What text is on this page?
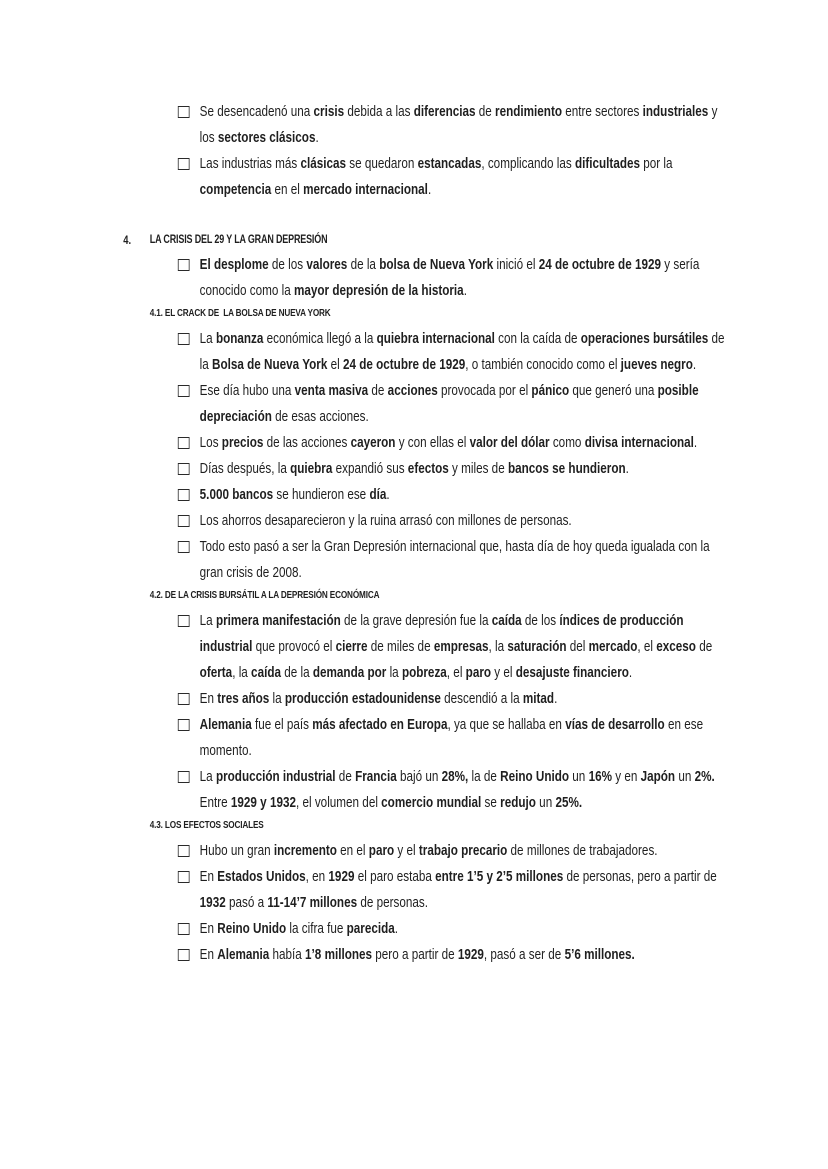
Se desencadenó una crisis debida a las diferencias de rendimiento entre sectores industriales y los sectores clásicos.
Las industrias más clásicas se quedaron estancadas, complicando las dificultades por la competencia en el mercado internacional.
4. LA CRISIS DEL 29 Y LA GRAN DEPRESIÓN
El desplome de los valores de la bolsa de Nueva York inició el 24 de octubre de 1929 y sería conocido como la mayor depresión de la historia.
4.1. EL CRACK DE  LA BOLSA DE NUEVA YORK
La bonanza económica llegó a la quiebra internacional con la caída de operaciones bursátiles de la Bolsa de Nueva York el 24 de octubre de 1929, o también conocido como el jueves negro.
Ese día hubo una venta masiva de acciones provocada por el pánico que generó una posible depreciación de esas acciones.
Los precios de las acciones cayeron y con ellas el valor del dólar como divisa internacional.
Días después, la quiebra expandió sus efectos y miles de bancos se hundieron.
5.000 bancos se hundieron ese día.
Los ahorros desaparecieron y la ruina arrasó con millones de personas.
Todo esto pasó a ser la Gran Depresión internacional que, hasta día de hoy queda igualada con la gran crisis de 2008.
4.2. DE LA CRISIS BURSÁTIL A LA DEPRESIÓN ECONÓMICA
La primera manifestación de la grave depresión fue la caída de los índices de producción industrial que provocó el cierre de miles de empresas, la saturación del mercado, el exceso de oferta, la caída de la demanda por la pobreza, el paro y el desajuste financiero.
En tres años la producción estadounidense descendió a la mitad.
Alemania fue el país más afectado en Europa, ya que se hallaba en vías de desarrollo en ese momento.
La producción industrial de Francia bajó un 28%, la de Reino Unido un 16% y en Japón un 2%. Entre 1929 y 1932, el volumen del comercio mundial se redujo un 25%.
4.3. LOS EFECTOS SOCIALES
Hubo un gran incremento en el paro y el trabajo precario de millones de trabajadores.
En Estados Unidos, en 1929 el paro estaba entre 1’5 y 2’5 millones de personas, pero a partir de 1932 pasó a 11-14’7 millones de personas.
En Reino Unido la cifra fue parecida.
En Alemania había 1’8 millones pero a partir de 1929, pasó a ser de 5’6 millones.
